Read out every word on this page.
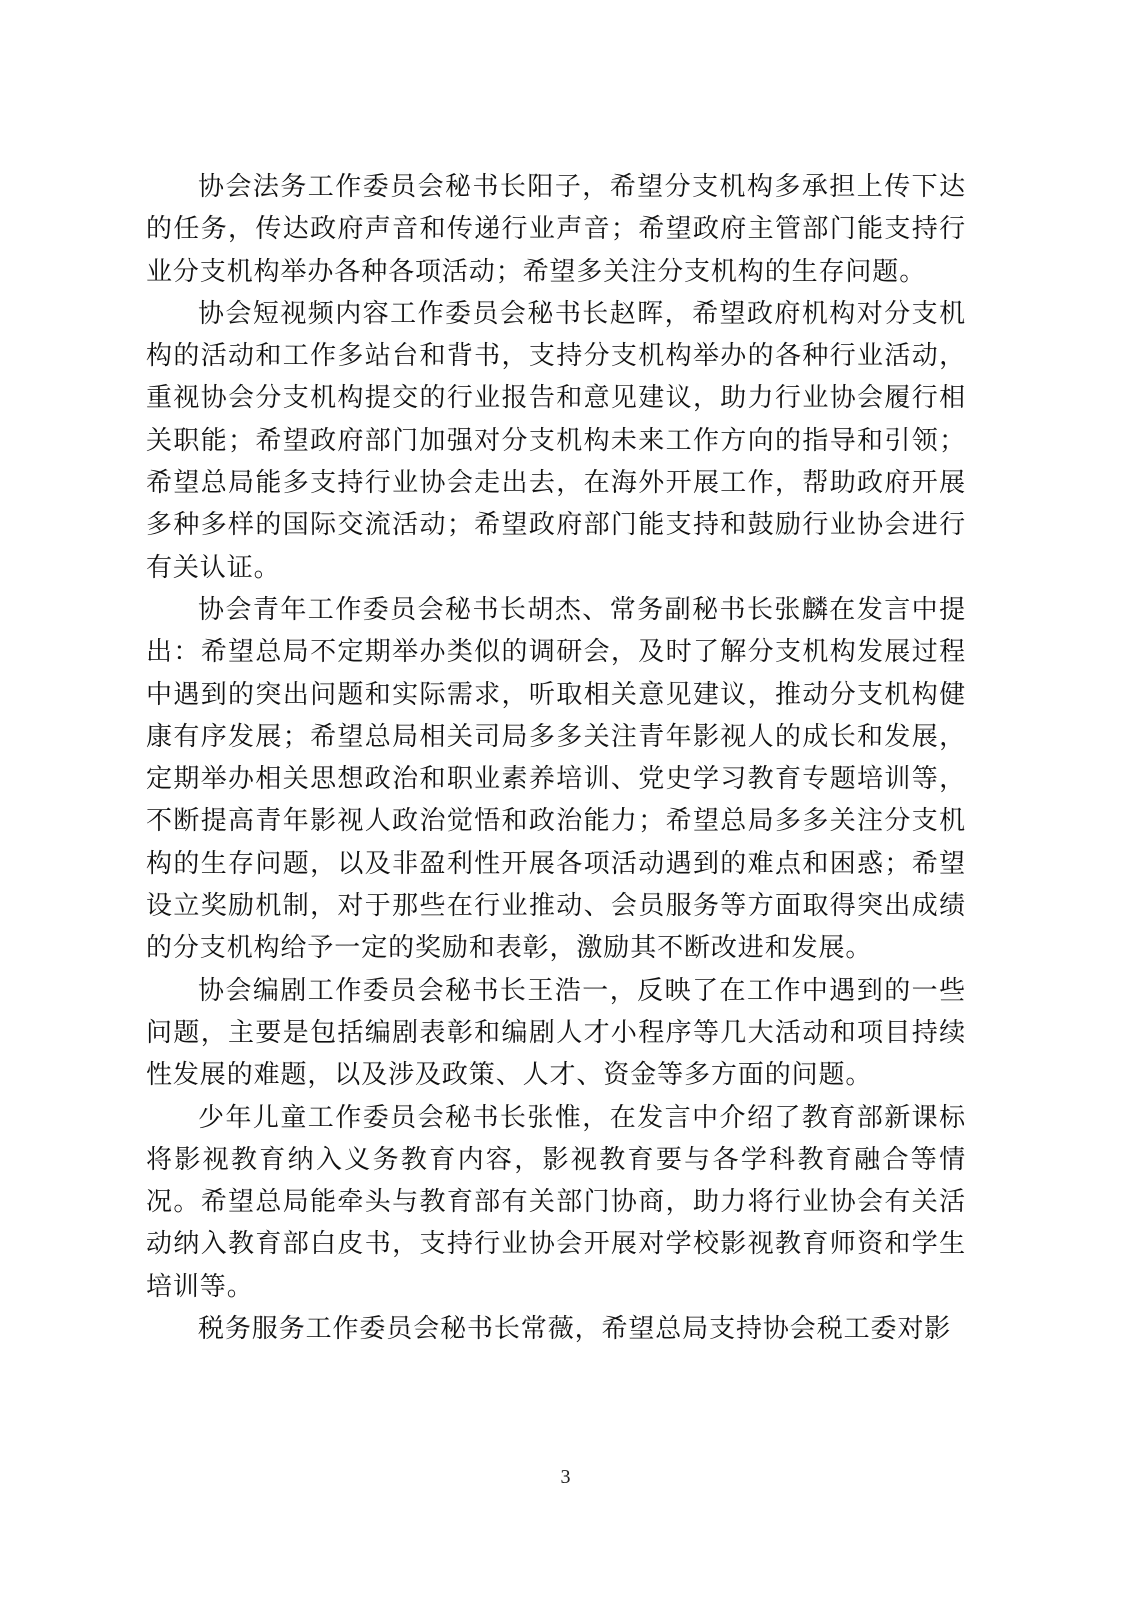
协会法务工作委员会秘书长阳子，希望分支机构多承担上传下达的任务，传达政府声音和传递行业声音；希望政府主管部门能支持行业分支机构举办各种各项活动；希望多关注分支机构的生存问题。

协会短视频内容工作委员会秘书长赵晖，希望政府机构对分支机构的活动和工作多站台和背书，支持分支机构举办的各种行业活动，重视协会分支机构提交的行业报告和意见建议，助力行业协会履行相关职能；希望政府部门加强对分支机构未来工作方向的指导和引领；希望总局能多支持行业协会走出去，在海外开展工作，帮助政府开展多种多样的国际交流活动；希望政府部门能支持和鼓励行业协会进行有关认证。

协会青年工作委员会秘书长胡杰、常务副秘书长张麟在发言中提出：希望总局不定期举办类似的调研会，及时了解分支机构发展过程中遇到的突出问题和实际需求，听取相关意见建议，推动分支机构健康有序发展；希望总局相关司局多多关注青年影视人的成长和发展，定期举办相关思想政治和职业素养培训、党史学习教育专题培训等，不断提高青年影视人政治觉悟和政治能力；希望总局多多关注分支机构的生存问题，以及非盈利性开展各项活动遇到的难点和困惑；希望设立奖励机制，对于那些在行业推动、会员服务等方面取得突出成绩的分支机构给予一定的奖励和表彰，激励其不断改进和发展。

协会编剧工作委员会秘书长王浩一，反映了在工作中遇到的一些问题，主要是包括编剧表彰和编剧人才小程序等几大活动和项目持续性发展的难题，以及涉及政策、人才、资金等多方面的问题。

少年儿童工作委员会秘书长张惟，在发言中介绍了教育部新课标将影视教育纳入义务教育内容，影视教育要与各学科教育融合等情况。希望总局能牵头与教育部有关部门协商，助力将行业协会有关活动纳入教育部白皮书，支持行业协会开展对学校影视教育师资和学生培训等。

税务服务工作委员会秘书长常薇，希望总局支持协会税工委对影

3
